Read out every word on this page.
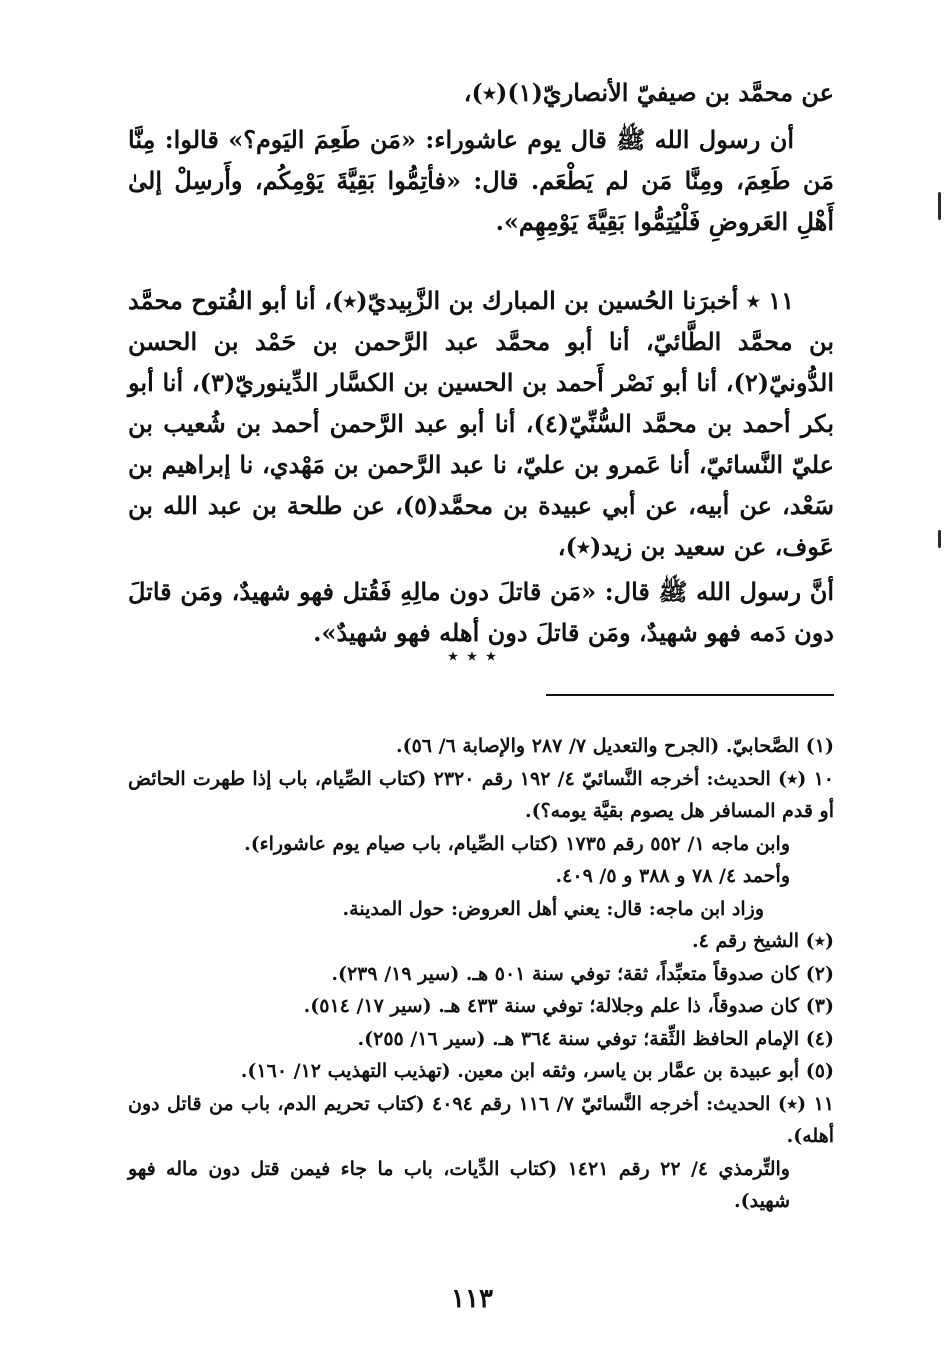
عن محمَّد بن صيفيّ الأنصاريّ(١)(٭)،

أن رسول الله ﷺ قال يوم عاشوراء: «مَن طَعِمَ اليَوم؟» قالوا: مِنَّا مَن طَعِمَ، ومِنَّا مَن لم يَطْعَم. قال: «فأتِمُّوا بَقِيَّةَ يَوْمِكُم، وأَرسِلْ إلىٰ أَهْلِ العَروضِ فَلْيُتِمُّوا بَقِيَّةَ يَوْمِهِم».

١١ ٭ أخبرَنا الحُسين بن المبارك بن الزَّبِيديّ(٭)، أنا أبو الفُتوح محمَّد بن محمَّد الطَّائيّ، أنا أبو محمَّد عبد الرَّحمن بن حَمْد بن الحسن الدُّونيّ(٢)، أنا أبو نَصْر أَحمد بن الحسين بن الكسَّار الدِّينوريّ(٣)، أنا أبو بكر أحمد بن محمَّد السُّنِّيّ(٤)، أنا أبو عبد الرَّحمن أحمد بن شُعيب بن عليّ النَّسائيّ، أنا عَمرو بن عليّ، نا عبد الرَّحمن بن مَهْدي، نا إبراهيم بن سَعْد، عن أبيه، عن أبي عبيدة بن محمَّد(٥)، عن طلحة بن عبد الله بن عَوف، عن سعيد بن زيد(٭)،

أنَّ رسول الله ﷺ قال: «مَن قاتلَ دون مالِهِ فَقُتل فهو شهيدٌ، ومَن قاتلَ دون دَمه فهو شهيدٌ، ومَن قاتلَ دون أهله فهو شهيدٌ».

٭ ٭ ٭

(١) الصَّحابيّ. (الجرح والتعديل ٧/ ٢٨٧ والإصابة ٦/ ٥٦).

١٠ (٭) الحديث: أخرجه النَّسائيّ ٤/ ١٩٢ رقم ٢٣٢٠ (كتاب الصِّيام، باب إذا طهرت الحائض أو قدم المسافر هل يصوم بقيَّة يومه؟).

وابن ماجه ١/ ٥٥٢ رقم ١٧٣٥ (كتاب الصِّيام، باب صيام يوم عاشوراء).

وأحمد ٤/ ٧٨ و ٣٨٨ و ٥/ ٤٠٩.

وزاد ابن ماجه: قال: يعني أهل العروض: حول المدينة.

(٭) الشيخ رقم ٤.

(٢) كان صدوقاً متعبِّداً، ثقة؛ توفي سنة ٥٠١ هـ. (سير ١٩/ ٢٣٩).

(٣) كان صدوقاً، ذا علم وجلالة؛ توفي سنة ٤٣٣ هـ. (سير ١٧/ ٥١٤).

(٤) الإمام الحافظ الثِّقة؛ توفي سنة ٣٦٤ هـ. (سير ١٦/ ٢٥٥).

(٥) أبو عبيدة بن عمَّار بن ياسر، وثقه ابن معين. (تهذيب التهذيب ١٢/ ١٦٠).

١١ (٭) الحديث: أخرجه النَّسائيّ ٧/ ١١٦ رقم ٤٠٩٤ (كتاب تحريم الدم، باب من قاتل دون أهله).

والتِّرمذي ٤/ ٢٢ رقم ١٤٢١ (كتاب الدِّيات، باب ما جاء فيمن قتل دون ماله فهو شهيد).

١١٣
